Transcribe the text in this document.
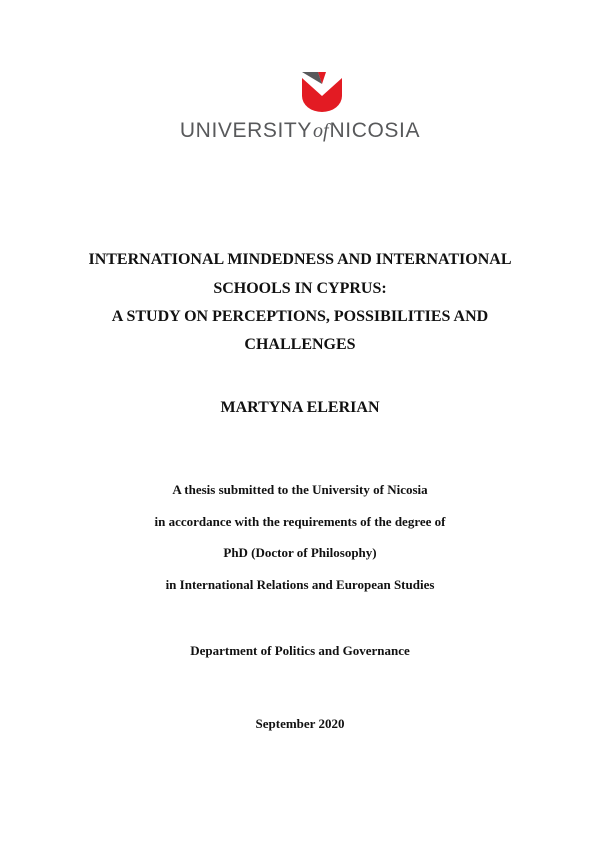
UNIVERSITYofNICOSIA
INTERNATIONAL MINDEDNESS AND INTERNATIONAL
SCHOOLS IN CYPRUS:
A STUDY ON PERCEPTIONS, POSSIBILITIES AND
CHALLENGES
MARTYNA ELERIAN
A thesis submitted to the University of Nicosia
in accordance with the requirements of the degree of
PhD (Doctor of Philosophy)
in International Relations and European Studies
Department of Politics and Governance
September 2020
